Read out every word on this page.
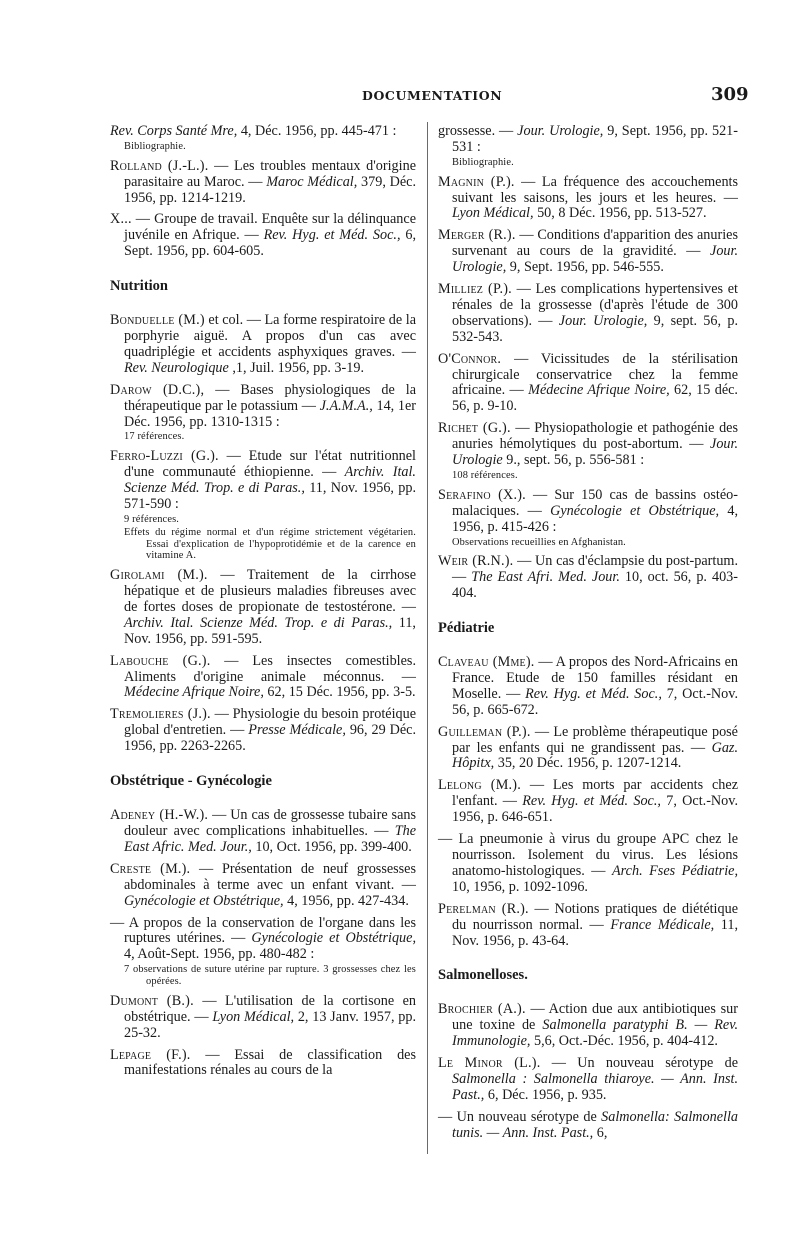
DOCUMENTATION	309
Rev. Corps Santé Mre, 4, Déc. 1956, pp. 445-471 :
Bibliographie.
Rolland (J.-L.). — Les troubles mentaux d'origine parasitaire au Maroc. — Maroc Médical, 379, Déc. 1956, pp. 1214-1219.
X... — Groupe de travail. Enquête sur la délinquance juvénile en Afrique. — Rev. Hyg. et Méd. Soc., 6, Sept. 1956, pp. 604-605.
Nutrition
Bonduelle (M.) et col. — La forme respiratoire de la porphyrie aiguë. A propos d'un cas avec quadriplégie et accidents asphyxiques graves. — Rev. Neurologique ,1, Juil. 1956, pp. 3-19.
Darow (D.C.), — Bases physiologiques de la thérapeutique par le potassium — J.A.M.A., 14, 1er Déc. 1956, pp. 1310-1315 :
17 références.
Ferro-Luzzi (G.). — Etude sur l'état nutritionnel d'une communauté éthiopienne. — Archiv. Ital. Scienze Méd. Trop. e di Paras., 11, Nov. 1956, pp. 571-590 :
9 références.
Effets du régime normal et d'un régime strictement végétarien. Essai d'explication de l'hypoprotidémie et de la carence en vitamine A.
Girolami (M.). — Traitement de la cirrhose hépatique et de plusieurs maladies fibreuses avec de fortes doses de propionate de testostérone. — Archiv. Ital. Scienze Méd. Trop. e di Paras., 11, Nov. 1956, pp. 591-595.
Labouche (G.). — Les insectes comestibles. Aliments d'origine animale méconnus. — Médecine Afrique Noire, 62, 15 Déc. 1956, pp. 3-5.
Tremolieres (J.). — Physiologie du besoin protéique global d'entretien. — Presse Médicale, 96, 29 Déc. 1956, pp. 2263-2265.
Obstétrique - Gynécologie
Adeney (H.-W.). — Un cas de grossesse tubaire sans douleur avec complications inhabituelles. — The East Afric. Med. Jour., 10, Oct. 1956, pp. 399-400.
Creste (M.). — Présentation de neuf grossesses abdominales à terme avec un enfant vivant. — Gynécologie et Obstétrique, 4, 1956, pp. 427-434.
— A propos de la conservation de l'organe dans les ruptures utérines. — Gynécologie et Obstétrique, 4, Août-Sept. 1956, pp. 480-482 :
7 observations de suture utérine par rupture. 3 grossesses chez les opérées.
Dumont (B.). — L'utilisation de la cortisone en obstétrique. — Lyon Médical, 2, 13 Janv. 1957, pp. 25-32.
Lepage (F.). — Essai de classification des manifestations rénales au cours de la
grossesse. — Jour. Urologie, 9, Sept. 1956, pp. 521-531 :
Bibliographie.
Magnin (P.). — La fréquence des accouchements suivant les saisons, les jours et les heures. — Lyon Médical, 50, 8 Déc. 1956, pp. 513-527.
Merger (R.). — Conditions d'apparition des anuries survenant au cours de la gravidité. — Jour. Urologie, 9, Sept. 1956, pp. 546-555.
Milliez (P.). — Les complications hypertensives et rénales de la grossesse (d'après l'étude de 300 observations). — Jour. Urologie, 9, sept. 56, p. 532-543.
O'Connor. — Vicissitudes de la stérilisation chirurgicale conservatrice chez la femme africaine. — Médecine Afrique Noire, 62, 15 déc. 56, p. 9-10.
Richet (G.). — Physiopathologie et pathogénie des anuries hémolytiques du post-abortum. — Jour. Urologie 9., sept. 56, p. 556-581 :
108 références.
Serafino (X.). — Sur 150 cas de bassins ostéo-malaciques. — Gynécologie et Obstétrique, 4, 1956, p. 415-426 :
Observations recueillies en Afghanistan.
Weir (R.N.). — Un cas d'éclampsie du post-partum. — The East Afri. Med. Jour. 10, oct. 56, p. 403-404.
Pédiatrie
Claveau (Mme). — A propos des Nord-Africains en France. Etude de 150 familles résidant en Moselle. — Rev. Hyg. et Méd. Soc., 7, Oct.-Nov. 56, p. 665-672.
Guilleman (P.). — Le problème thérapeutique posé par les enfants qui ne grandissent pas. — Gaz. Hôpitx, 35, 20 Déc. 1956, p. 1207-1214.
Lelong (M.). — Les morts par accidents chez l'enfant. — Rev. Hyg. et Méd. Soc., 7, Oct.-Nov. 1956, p. 646-651.
— La pneumonie à virus du groupe APC chez le nourrisson. Isolement du virus. Les lésions anatomo-histologiques. — Arch. Fses Pédiatrie, 10, 1956, p. 1092-1096.
Perelman (R.). — Notions pratiques de diététique du nourrisson normal. — France Médicale, 11, Nov. 1956, p. 43-64.
Salmonelloses.
Brochier (A.). — Action due aux antibiotiques sur une toxine de Salmonella paratyphi B. — Rev. Immunologie, 5,6, Oct.-Déc. 1956, p. 404-412.
Le Minor (L.). — Un nouveau sérotype de Salmonella : Salmonella thiaroye. — Ann. Inst. Past., 6, Déc. 1956, p. 935.
— Un nouveau sérotype de Salmonella: Salmonella tunis. — Ann. Inst. Past., 6,
